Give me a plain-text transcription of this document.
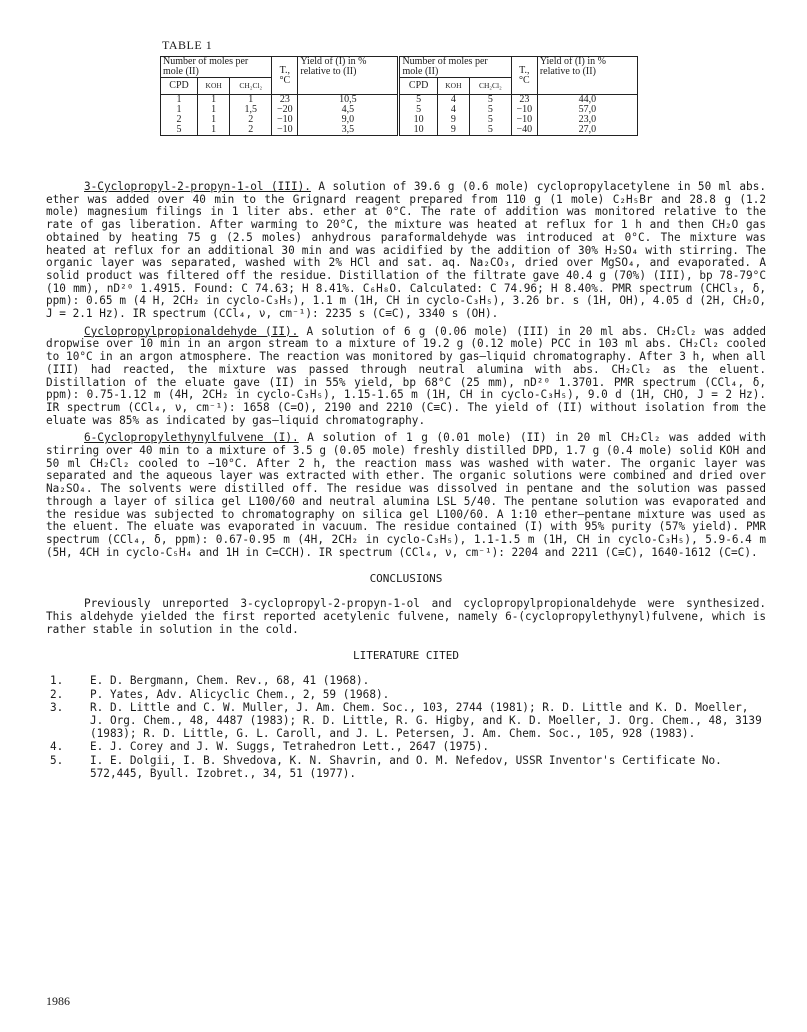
TABLE 1
Number of moles per mole (II)			T., °C	Yield of (I) in % relative to (II)	Number of moles per mole (II)			T., °C	Yield of (I) in % relative to (II)
CPD	KOH	CH₂Cl₂			CPD	KOH	CH₂Cl₂		
1	1	1	23	10,5	5	4	5	23	44,0
1	1	1,5	−20	4,5	5	4	5	−10	57,0
2	1	2	−10	9,0	10	9	5	−10	23,0
5	1	2	−10	3,5	10	9	5	−40	27,0

3-Cyclopropyl-2-propyn-1-ol (III). A solution of 39.6 g (0.6 mole) cyclopropylacetylene in 50 ml abs. ether was added over 40 min to the Grignard reagent prepared from 110 g (1 mole) C₂H₅Br and 28.8 g (1.2 mole) magnesium filings in 1 liter abs. ether at 0°C. The rate of addition was monitored relative to the rate of gas liberation. After warming to 20°C, the mixture was heated at reflux for 1 h and then CH₂O gas obtained by heating 75 g (2.5 moles) anhydrous paraformaldehyde was introduced at 0°C. The mixture was heated at reflux for an additional 30 min and was acidified by the addition of 30% H₂SO₄ with stirring. The organic layer was separated, washed with 2% HCl and sat. aq. Na₂CO₃, dried over MgSO₄, and evaporated. A solid product was filtered off the residue. Distillation of the filtrate gave 40.4 g (70%) (III), bp 78-79°C (10 mm), nD²⁰ 1.4915. Found: C 74.63; H 8.41%. C₆H₈O. Calculated: C 74.96; H 8.40%. PMR spectrum (CHCl₃, δ, ppm): 0.65 m (4 H, 2CH₂ in cyclo-C₃H₅), 1.1 m (1H, CH in cyclo-C₃H₅), 3.26 br. s (1H, OH), 4.05 d (2H, CH₂O, J = 2.1 Hz). IR spectrum (CCl₄, ν, cm⁻¹): 2235 s (C≡C), 3340 s (OH).

Cyclopropylpropionaldehyde (II). A solution of 6 g (0.06 mole) (III) in 20 ml abs. CH₂Cl₂ was added dropwise over 10 min in an argon stream to a mixture of 19.2 g (0.12 mole) PCC in 103 ml abs. CH₂Cl₂ cooled to 10°C in an argon atmosphere. The reaction was monitored by gas–liquid chromatography. After 3 h, when all (III) had reacted, the mixture was passed through neutral alumina with abs. CH₂Cl₂ as the eluent. Distillation of the eluate gave (II) in 55% yield, bp 68°C (25 mm), nD²⁰ 1.3701. PMR spectrum (CCl₄, δ, ppm): 0.75-1.12 m (4H, 2CH₂ in cyclo-C₃H₅), 1.15-1.65 m (1H, CH in cyclo-C₃H₅), 9.0 d (1H, CHO, J = 2 Hz). IR spectrum (CCl₄, ν, cm⁻¹): 1658 (C=O), 2190 and 2210 (C≡C). The yield of (II) without isolation from the eluate was 85% as indicated by gas–liquid chromatography.

6-Cyclopropylethynylfulvene (I). A solution of 1 g (0.01 mole) (II) in 20 ml CH₂Cl₂ was added with stirring over 40 min to a mixture of 3.5 g (0.05 mole) freshly distilled DPD, 1.7 g (0.4 mole) solid KOH and 50 ml CH₂Cl₂ cooled to −10°C. After 2 h, the reaction mass was washed with water. The organic layer was separated and the aqueous layer was extracted with ether. The organic solutions were combined and dried over Na₂SO₄. The solvents were distilled off. The residue was dissolved in pentane and the solution was passed through a layer of silica gel L100/60 and neutral alumina LSL 5/40. The pentane solution was evaporated and the residue was subjected to chromatography on silica gel L100/60. A 1:10 ether–pentane mixture was used as the eluent. The eluate was evaporated in vacuum. The residue contained (I) with 95% purity (57% yield). PMR spectrum (CCl₄, δ, ppm): 0.67-0.95 m (4H, 2CH₂ in cyclo-C₃H₅), 1.1-1.5 m (1H, CH in cyclo-C₃H₅), 5.9-6.4 m (5H, 4CH in cyclo-C₅H₄ and 1H in C=CCH). IR spectrum (CCl₄, ν, cm⁻¹): 2204 and 2211 (C≡C), 1640-1612 (C=C).

CONCLUSIONS

Previously unreported 3-cyclopropyl-2-propyn-1-ol and cyclopropylpropionaldehyde were synthesized. This aldehyde yielded the first reported acetylenic fulvene, namely 6-(cyclopropylethynyl)fulvene, which is rather stable in solution in the cold.

LITERATURE CITED
1.	E. D. Bergmann, Chem. Rev., 68, 41 (1968).
2.	P. Yates, Adv. Alicyclic Chem., 2, 59 (1968).
3.	R. D. Little and C. W. Muller, J. Am. Chem. Soc., 103, 2744 (1981); R. D. Little and K. D. Moeller, J. Org. Chem., 48, 4487 (1983); R. D. Little, R. G. Higby, and K. D. Moeller, J. Org. Chem., 48, 3139 (1983); R. D. Little, G. L. Caroll, and J. L. Petersen, J. Am. Chem. Soc., 105, 928 (1983).
4.	E. J. Corey and J. W. Suggs, Tetrahedron Lett., 2647 (1975).
5.	I. E. Dolgii, I. B. Shvedova, K. N. Shavrin, and O. M. Nefedov, USSR Inventor's Certificate No. 572,445, Byull. Izobret., 34, 51 (1977).
1986
